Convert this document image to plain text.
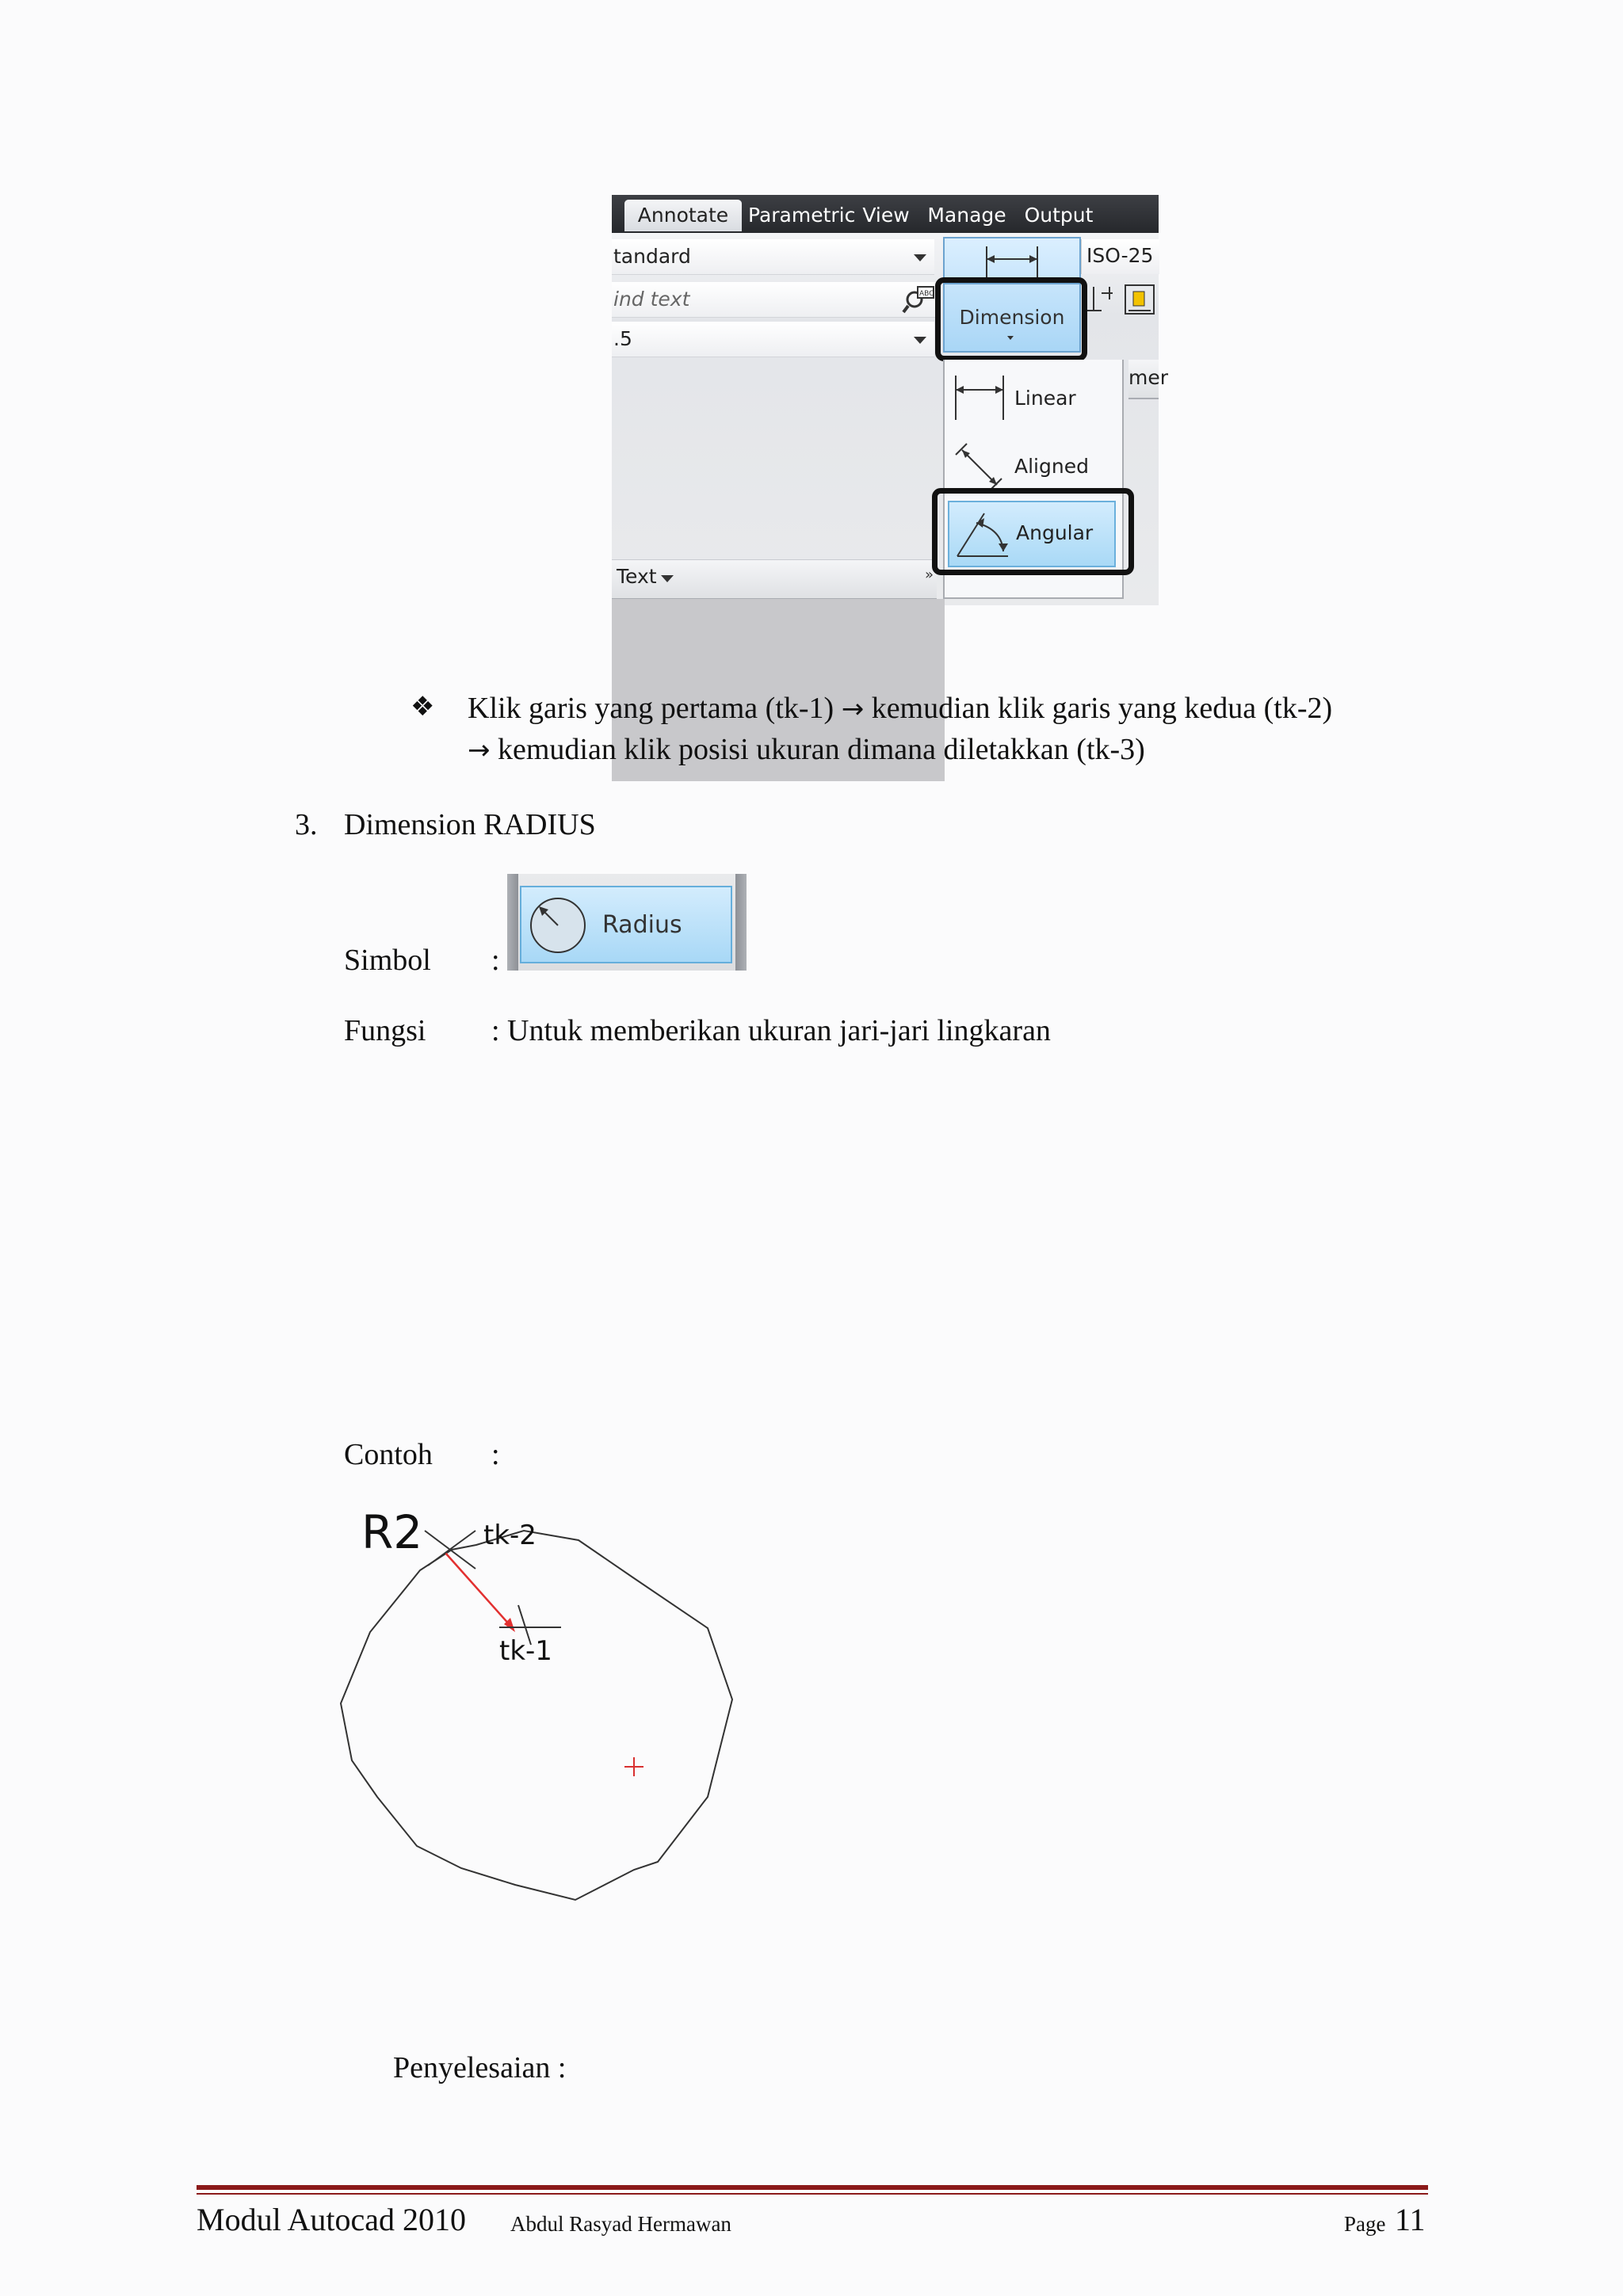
Annotate Parametric View Manage Output
tandard
ind text	ABC
.5
Text	»
ISO-25
mer
Dimension
Linear
Aligned
Angular
❖ Klik garis yang pertama (tk-1) → kemudian klik garis yang kedua (tk-2)
→ kemudian klik posisi ukuran dimana diletakkan (tk-3)
3. Dimension RADIUS
Simbol :
Radius
Fungsi : Untuk memberikan ukuran jari-jari lingkaran
Contoh :
R2 tk-2
tk-1
Penyelesaian :
Modul Autocad 2010 Abdul Rasyad Hermawan	Page 11
